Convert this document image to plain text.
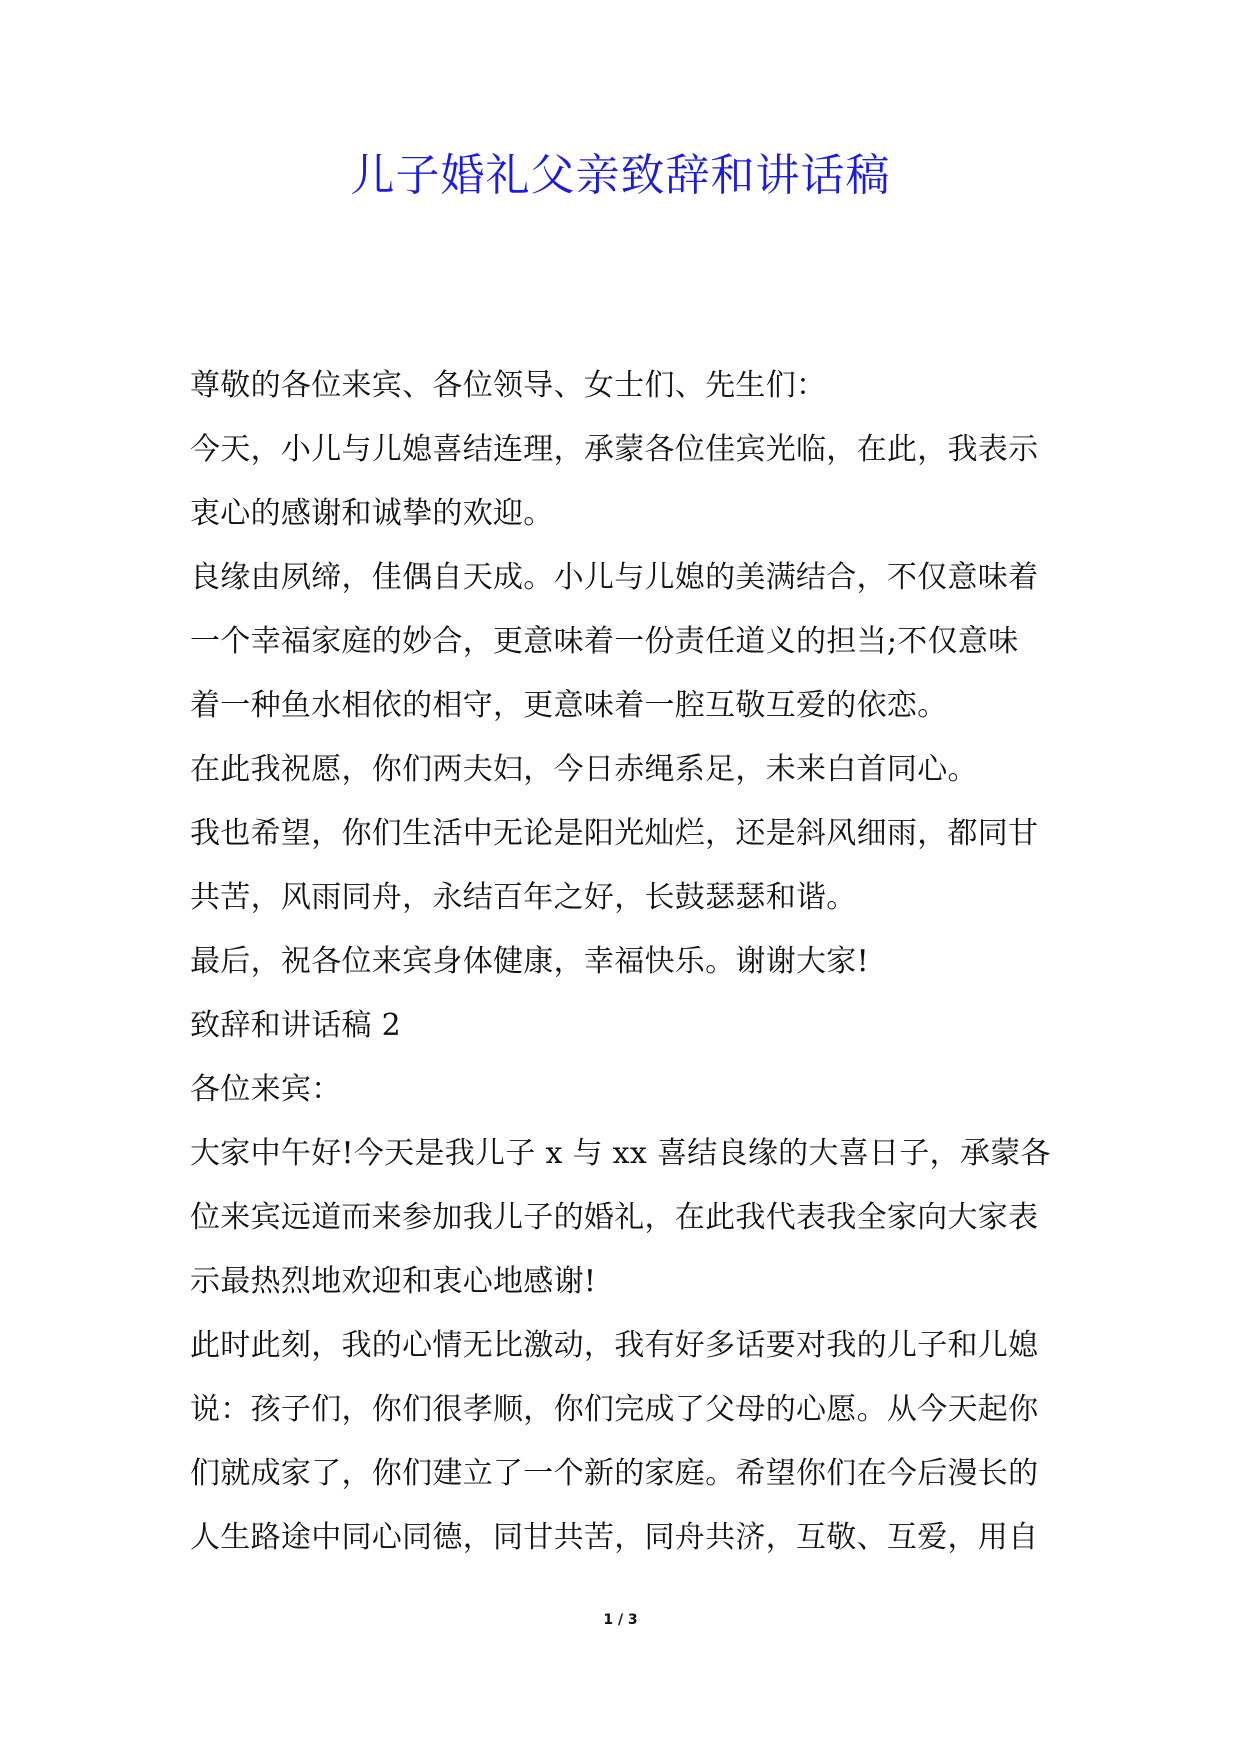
儿子婚礼父亲致辞和讲话稿
尊敬的各位来宾、各位领导、女士们、先生们：
今天，小儿与儿媳喜结连理，承蒙各位佳宾光临，在此，我表示
衷心的感谢和诚挚的欢迎。
良缘由夙缔，佳偶自天成。小儿与儿媳的美满结合，不仅意味着
一个幸福家庭的妙合，更意味着一份责任道义的担当;不仅意味
着一种鱼水相依的相守，更意味着一腔互敬互爱的依恋。
在此我祝愿，你们两夫妇，今日赤绳系足，未来白首同心。
我也希望，你们生活中无论是阳光灿烂，还是斜风细雨，都同甘
共苦，风雨同舟，永结百年之好，长鼓瑟瑟和谐。
最后，祝各位来宾身体健康，幸福快乐。谢谢大家!
致辞和讲话稿 2
各位来宾：
大家中午好!今天是我儿子 x 与 xx 喜结良缘的大喜日子，承蒙各
位来宾远道而来参加我儿子的婚礼，在此我代表我全家向大家表
示最热烈地欢迎和衷心地感谢!
此时此刻，我的心情无比激动，我有好多话要对我的儿子和儿媳
说：孩子们，你们很孝顺，你们完成了父母的心愿。从今天起你
们就成家了，你们建立了一个新的家庭。希望你们在今后漫长的
人生路途中同心同德，同甘共苦，同舟共济，互敬、互爱，用自
1 / 3
